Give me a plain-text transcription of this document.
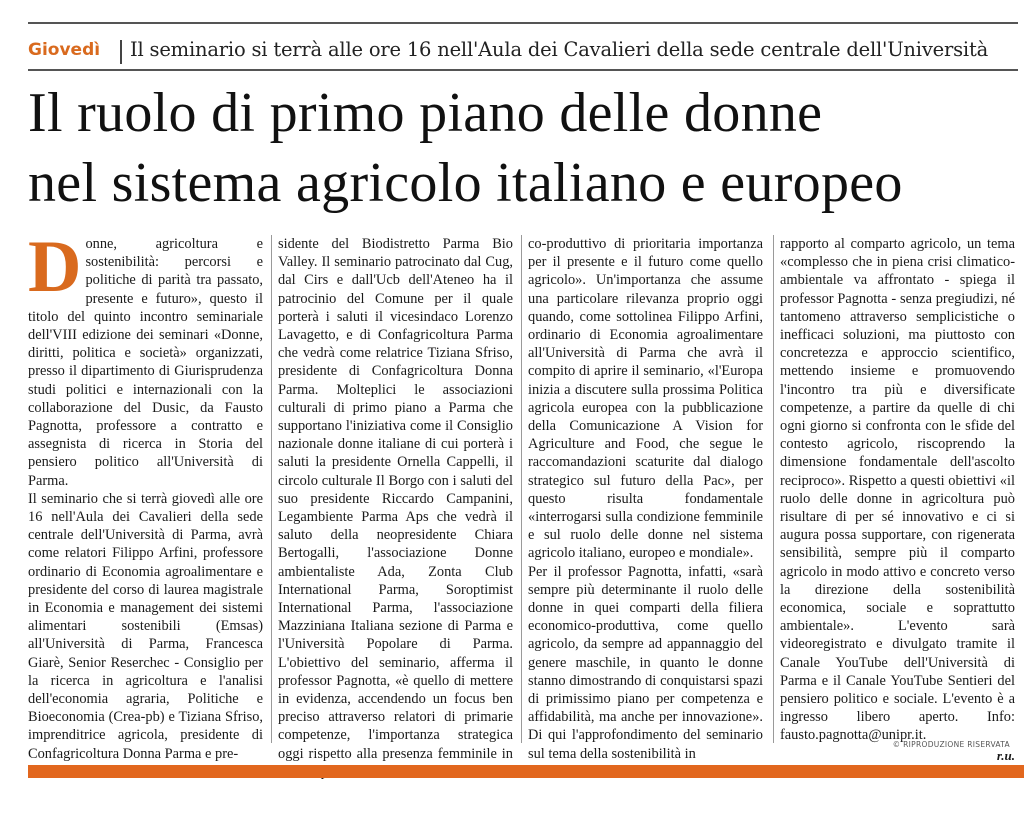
Giovedì Il seminario si terrà alle ore 16 nell'Aula dei Cavalieri della sede centrale dell'Università
Il ruolo di primo piano delle donne
nel sistema agricolo italiano e europeo
D onne, agricoltura e sostenibilità: percorsi e politiche di parità tra passato, presente e futuro», questo il titolo del quinto incontro seminariale dell'VIII edizione dei seminari «Donne, diritti, politica e società» organizzati, presso il dipartimento di Giurisprudenza studi politici e internazionali con la collaborazione del Dusic, da Fausto Pagnotta, professore a contratto e assegnista di ricerca in Storia del pensiero politico all'Università di Parma.

Il seminario che si terrà giovedì alle ore 16 nell'Aula dei Cavalieri della sede centrale dell'Università di Parma, avrà come relatori Filippo Arfini, professore ordinario di Economia agroalimentare e presidente del corso di laurea magistrale in Economia e management dei sistemi alimentari sostenibili (Emsas) all'Università di Parma, Francesca Giarè, Senior Reserchec - Consiglio per la ricerca in agricoltura e l'analisi dell'economia agraria, Politiche e Bioeconomia (Crea-pb) e Tiziana Sfriso, imprenditrice agricola, presidente di Confagricoltura Donna Parma e pre-

sidente del Biodistretto Parma Bio Valley. Il seminario patrocinato dal Cug, dal Cirs e dall'Ucb dell'Ateneo ha il patrocinio del Comune per il quale porterà i saluti il vicesindaco Lorenzo Lavagetto, e di Confagricoltura Parma che vedrà come relatrice Tiziana Sfriso, presidente di Confagricoltura Donna Parma. Molteplici le associazioni culturali di primo piano a Parma che supportano l'iniziativa come il Consiglio nazionale donne italiane di cui porterà i saluti la presidente Ornella Cappelli, il circolo culturale Il Borgo con i saluti del suo presidente Riccardo Campanini, Legambiente Parma Aps che vedrà il saluto della neopresidente Chiara Bertogalli, l'associazione Donne ambientaliste Ada, Zonta Club International Parma, Soroptimist International Parma, l'associazione Mazziniana Italiana sezione di Parma e l'Università Popolare di Parma. L'obiettivo del seminario, afferma il professor Pagnotta, «è quello di mettere in evidenza, accendendo un focus ben preciso attraverso relatori di primarie competenze, l'importanza strategica oggi rispetto alla presenza femminile in

co-produttivo di prioritaria importanza per il presente e il futuro come quello agricolo». Un'importanza che assume una particolare rilevanza proprio oggi quando, come sottolinea Filippo Arfini, ordinario di Economia agroalimentare all'Università di Parma che avrà il compito di aprire il seminario, «l'Europa inizia a discutere sulla prossima Politica agricola europea con la pubblicazione della Comunicazione A Vision for Agriculture and Food, che segue le raccomandazioni scaturite dal dialogo strategico sul futuro della Pac», per questo risulta fondamentale «interrogarsi sulla condizione femminile e sul ruolo delle donne nel sistema agricolo italiano, europeo e mondiale».

Per il professor Pagnotta, infatti, «sarà sempre più determinante il ruolo delle donne in quei comparti della filiera economico-produttiva, come quello agricolo, da sempre ad appannaggio del genere maschile, in quanto le donne stanno dimostrando di conquistarsi spazi di primissimo piano per competenza e affidabilità, ma anche per innovazione». Di qui l'approfondimento del seminario sul tema della sostenibilità in

rapporto al comparto agricolo, un tema «complesso che in piena crisi climatico-ambientale va affrontato - spiega il professor Pagnotta - senza pregiudizi, né tantomeno attraverso semplicistiche o inefficaci soluzioni, ma piuttosto con concretezza e approccio scientifico, mettendo insieme e promuovendo l'incontro tra più e diversificate competenze, a partire da quelle di chi ogni giorno si confronta con le sfide del contesto agricolo, riscoprendo la dimensione fondamentale dell'ascolto reciproco». Rispetto a questi obiettivi «il ruolo delle donne in agricoltura può risultare di per sé innovativo e ci si augura possa supportare, con rigenerata sensibilità, sempre più il comparto agricolo in modo attivo e concreto verso la direzione della sostenibilità economica, sociale e soprattutto ambientale». L'evento sarà videoregistrato e divulgato tramite il Canale YouTube dell'Università di Parma e il Canale YouTube Sentieri del pensiero politico e sociale. L'evento è a ingresso libero aperto. Info: fausto.pagnotta@unipr.it.

r.u.

© RIPRODUZIONE RISERVATA
